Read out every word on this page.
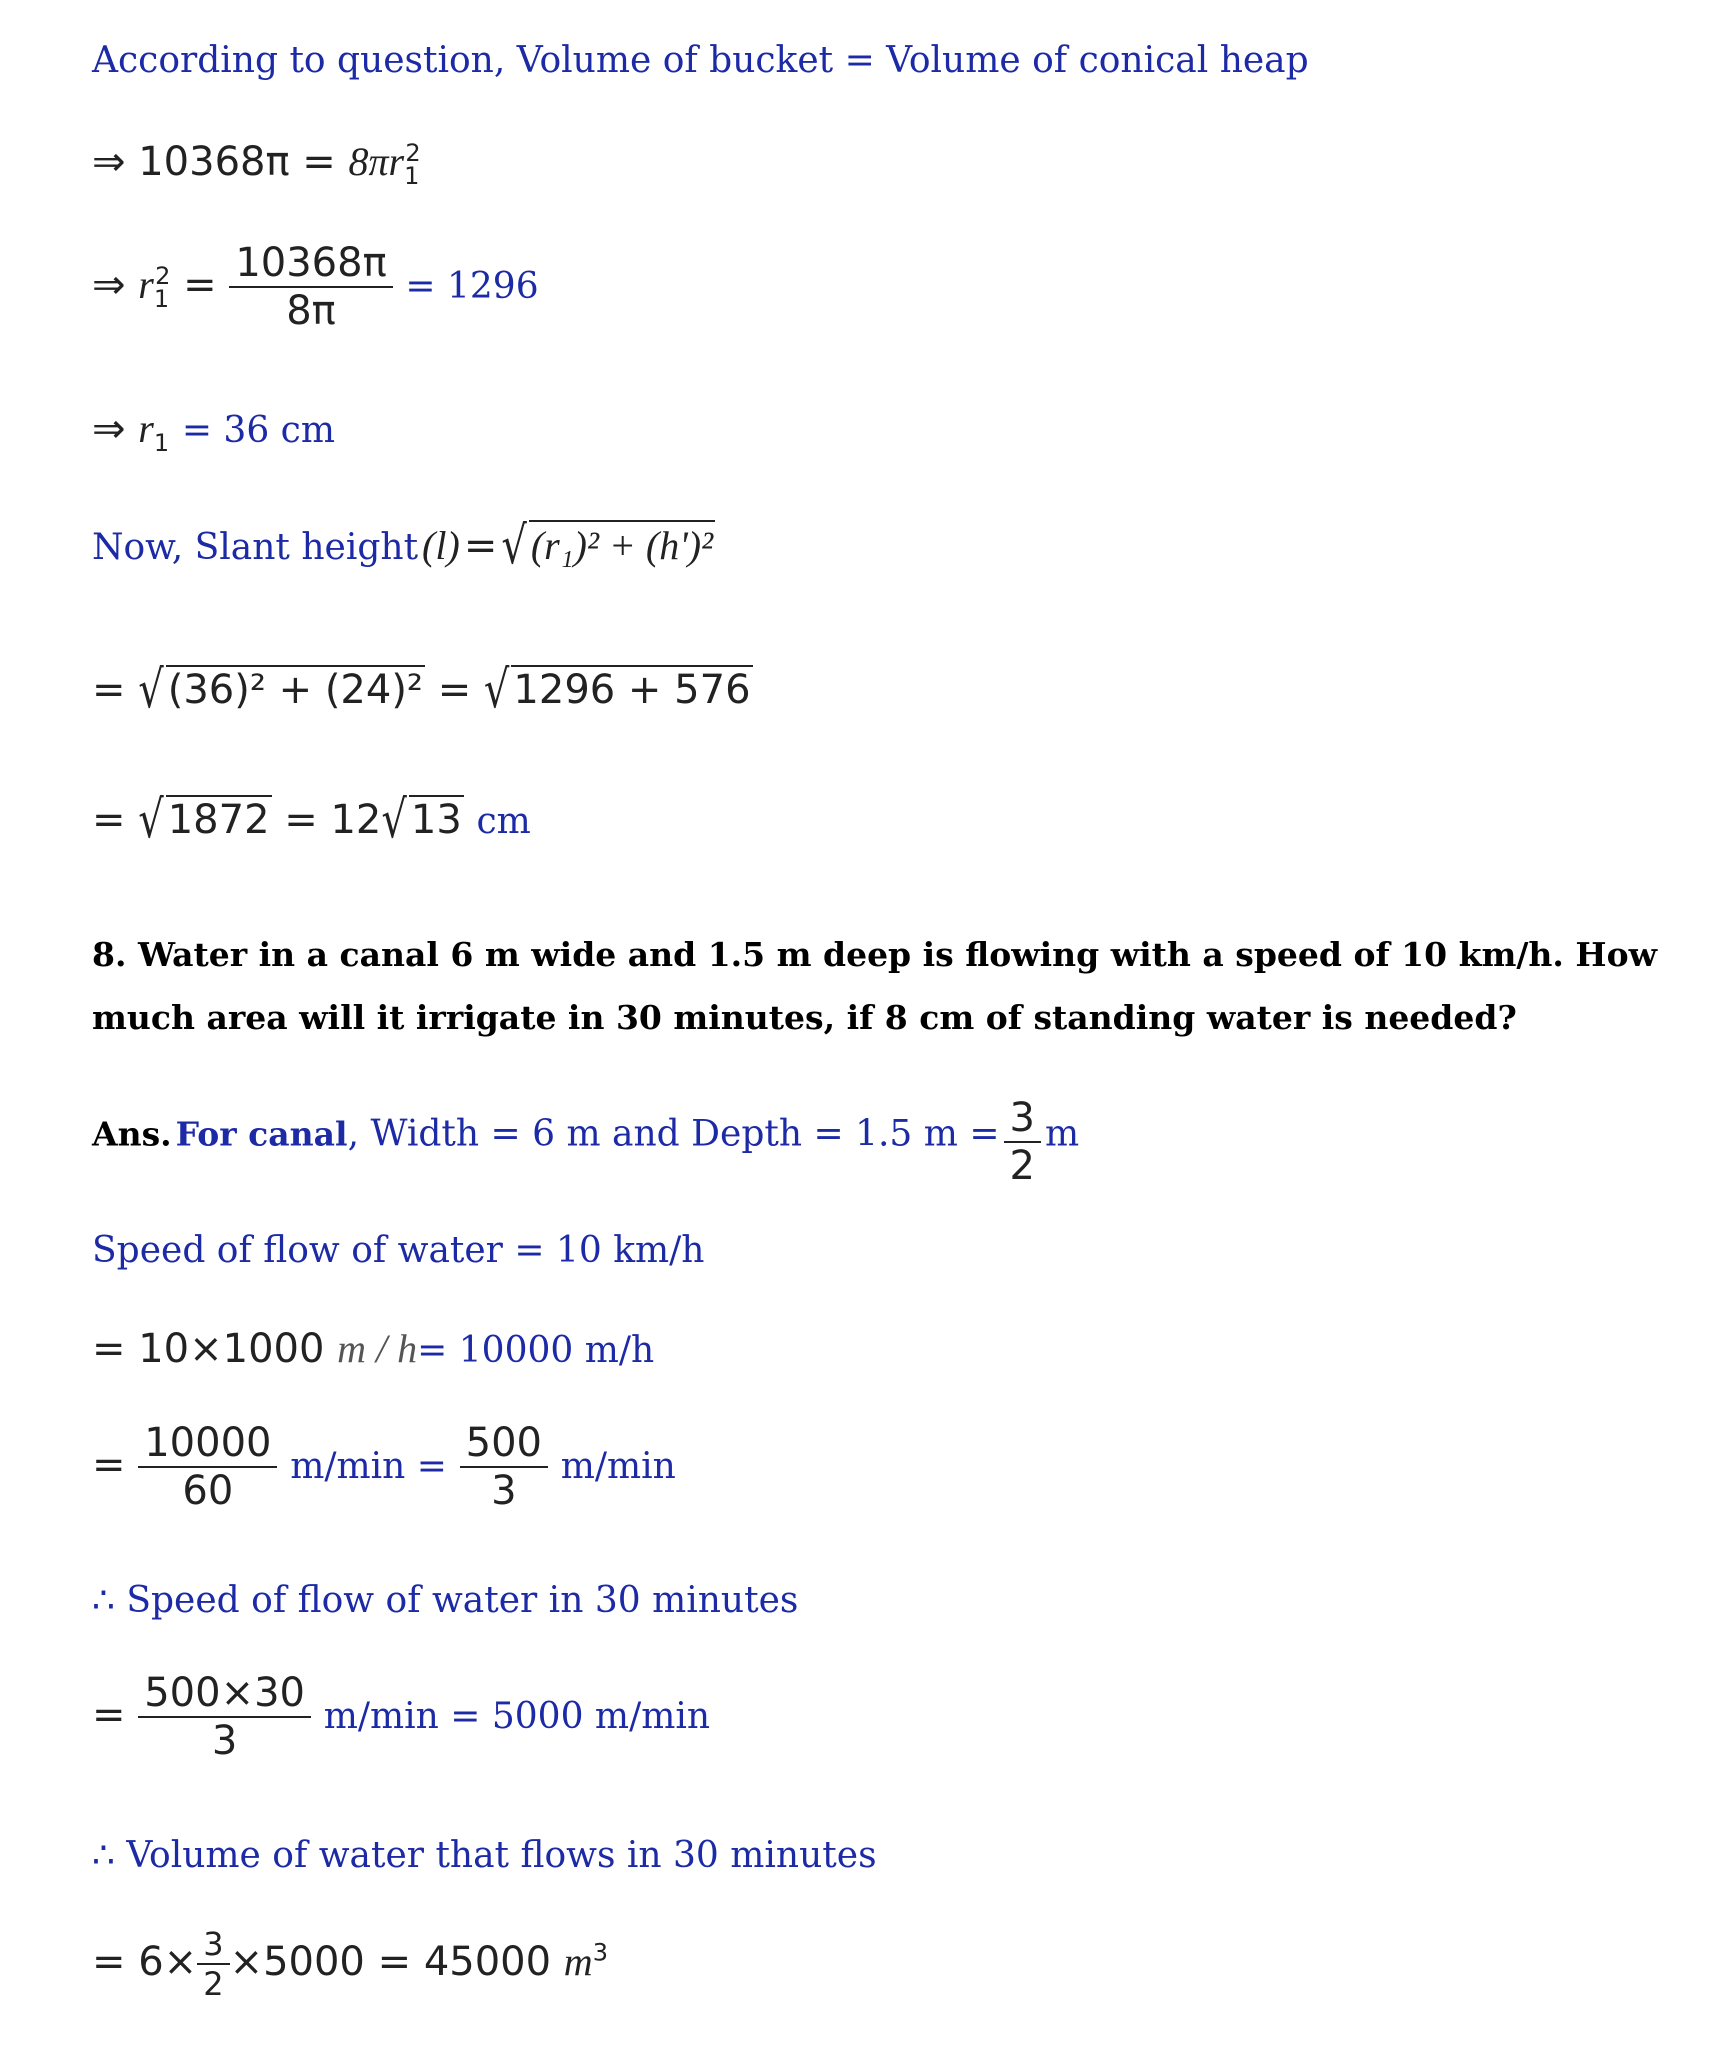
According to question, Volume of bucket = Volume of conical heap
⇒ $10368\pi = 8\pi r_1^2$
⇒ $r_1^2 = \frac{10368\pi}{8\pi} = 1296$
⇒ $r_1 = 36$ cm
Now, Slant height (l) = √ (r₁)² + (h')²
= √ (36)² + (24)² = √ 1296 + 576
= √ 1872 = 12√ 13 cm
8. Water in a canal 6 m wide and 1.5 m deep is flowing with a speed of 10 km/h. How
much area will it irrigate in 30 minutes, if 8 cm of standing water is needed?
Ans. For canal, Width = 6 m and Depth = 1.5 $m = \frac{3}{2}$ m
Speed of flow of water = 10 km/h
= 10×1000 m / h= 10000 m/h
= $\frac{10000}{60} m/\min = \frac{500}{3} m/\min$
∴ Speed of flow of water in 30 minutes
= $\frac{500\times 30}{3} m/\min = 5000$ m/min
∴ Volume of water that flows in 30 minutes
= $6\times \frac{3}{2} \times 5000 = 45000$ $m^3$
